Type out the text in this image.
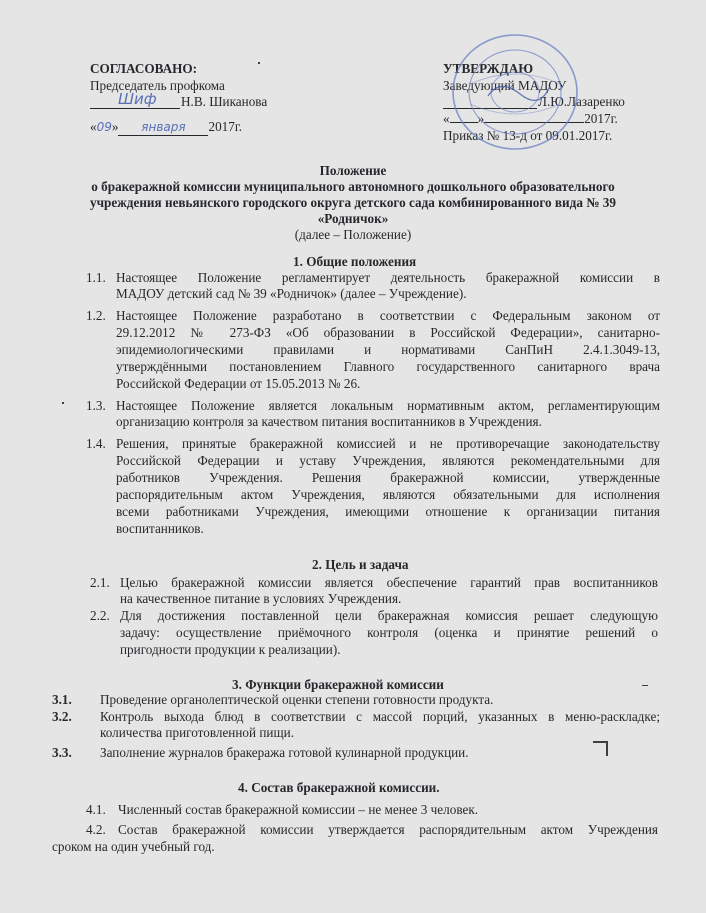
СОГЛАСОВАНО:
Председатель профкома
Шиф Н.В. Шиканова
«09» января 2017г.
УТВЕРЖДАЮ
Заведующий МАДОУ
Л.Ю.Лазаренко
« »	2017г.
Приказ № 13-д от 09.01.2017г.
Положение
о бракеражной комиссии муниципального автономного дошкольного образовательного
учреждения невьянского городского округа детского сада комбинированного вида № 39
«Родничок»
(далее – Положение)
1. Общие положения
1.1. Настоящее Положение регламентирует деятельность бракеражной комиссии в
МАДОУ детский сад № 39 «Родничок» (далее – Учреждение).
1.2. Настоящее Положение разработано в соответствии с Федеральным законом от
29.12.2012 № 273-ФЗ «Об образовании в Российской Федерации», санитарно-
эпидемиологическими правилами и нормативами СанПиН 2.4.1.3049-13,
утверждёнными постановлением Главного государственного санитарного врача
Российской Федерации от 15.05.2013 № 26.
1.3. Настоящее Положение является локальным нормативным актом, регламентирующим
организацию контроля за качеством питания воспитанников в Учреждения.
1.4. Решения, принятые бракеражной комиссией и не противоречащие законодательству
Российской Федерации и уставу Учреждения, являются рекомендательными для
работников Учреждения. Решения бракеражной комиссии, утвержденные
распорядительным актом Учреждения, являются обязательными для исполнения
всеми работниками Учреждения, имеющими отношение к организации питания
воспитанников.
2. Цель и задача
2.1. Целью бракеражной комиссии является обеспечение гарантий прав воспитанников
на качественное питание в условиях Учреждения.
2.2. Для достижения поставленной цели бракеражная комиссия решает следующую
задачу: осуществление приёмочного контроля (оценка и принятие решений о
пригодности продукции к реализации).
3. Функции бракеражной комиссии
3.1. Проведение органолептической оценки степени готовности продукта.
3.2. Контроль выхода блюд в соответствии с массой порций, указанных в меню-раскладке;
количества приготовленной пищи.
3.3. Заполнение журналов бракеража готовой кулинарной продукции.
4. Состав бракеражной комиссии.
4.1. Численный состав бракеражной комиссии – не менее 3 человек.
4.2. Состав бракеражной комиссии утверждается распорядительным актом Учреждения
сроком на один учебный год.
